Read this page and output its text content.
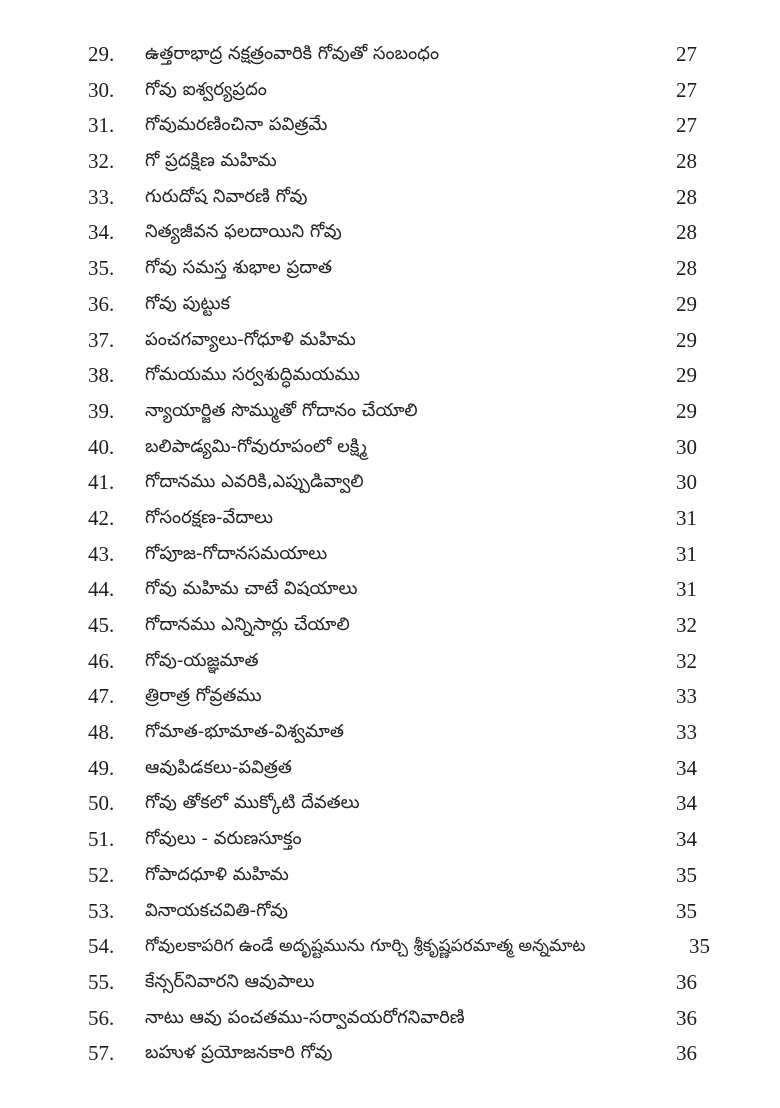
29. ఉత్తరాభాద్ర నక్షత్రంవారికి గోవుతో సంబంధం	27
30. గోవు ఐశ్వర్యప్రదం	27
31. గోవుమరణించినా పవిత్రమే	27
32. గో ప్రదక్షిణ మహిమ	28
33. గురుదోష నివారణి గోవు	28
34. నిత్యజీవన ఫలదాయిని గోవు	28
35. గోవు సమస్త శుభాల ప్రదాత	28
36. గోవు పుట్టుక	29
37. పంచగవ్యాలు-గోధూళి మహిమ	29
38. గోమయము సర్వశుద్ధిమయము	29
39. న్యాయార్జిత సొమ్ముతో గోదానం చేయాలి	29
40. బలిపాడ్యమి-గోవురూపంలో లక్ష్మి	30
41. గోదానము ఎవరికి,ఎప్పుడివ్వాలి	30
42. గోసంరక్షణ-వేదాలు	31
43. గోపూజ-గోదానసమయాలు	31
44. గోవు మహిమ చాటే విషయాలు	31
45. గోదానము ఎన్నిసార్లు చేయాలి	32
46. గోవు-యజ్ఞమాత	32
47. త్రిరాత్ర గోవ్రతము	33
48. గోమాత-భూమాత-విశ్వమాత	33
49. ఆవుపిడకలు-పవిత్రత	34
50. గోవు తోకలో ముక్కోటి దేవతలు	34
51. గోవులు - వరుణసూక్తం	34
52. గోపాదధూళి మహిమ	35
53. వినాయకచవితి-గోవు	35
54. గోవులకాపరిగ ఉండే అదృష్టమును గూర్చి శ్రీకృష్ణపరమాత్మ అన్నమాట	35
55. కేన్సర్‌నివారని ఆవుపాలు	36
56. నాటు ఆవు పంచతము-సర్వావయరోగనివారిణి	36
57. బహుళ ప్రయోజనకారి గోవు	36
